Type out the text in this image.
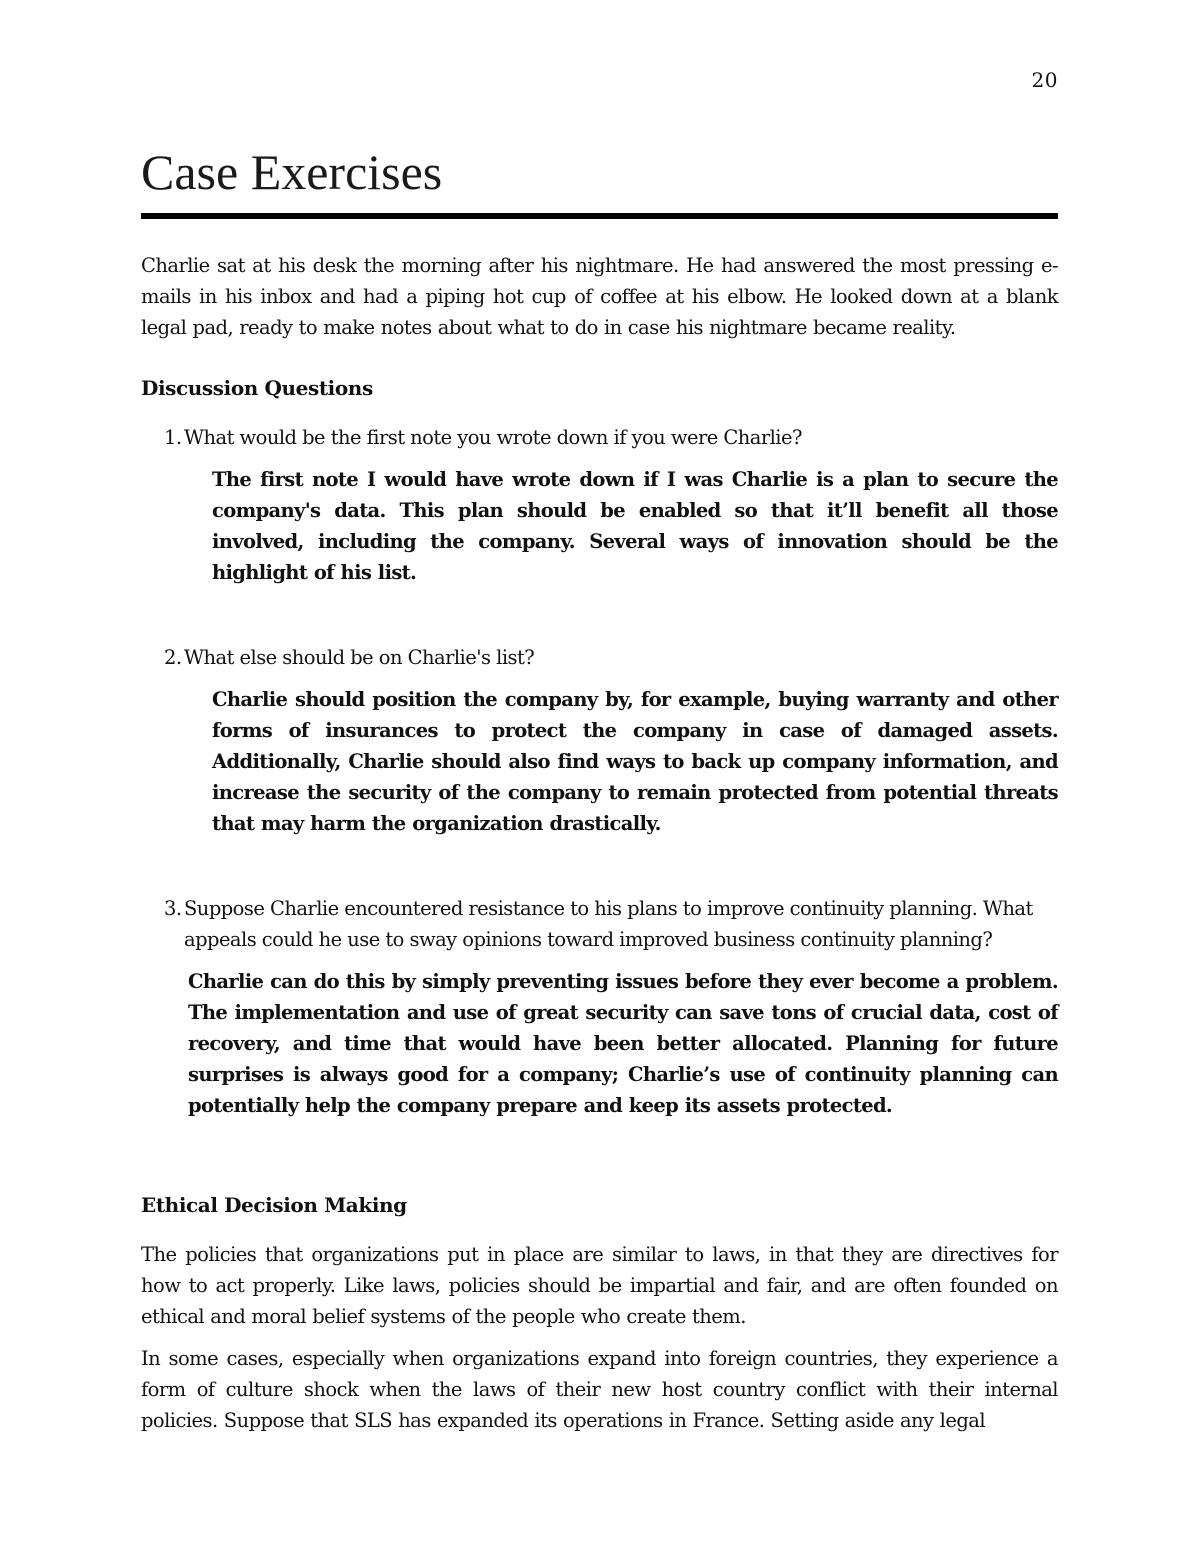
20
Case Exercises

Charlie sat at his desk the morning after his nightmare. He had answered the most pressing e-mails in his inbox and had a piping hot cup of coffee at his elbow. He looked down at a blank legal pad, ready to make notes about what to do in case his nightmare became reality.

Discussion Questions

1. What would be the first note you wrote down if you were Charlie?

The first note I would have wrote down if I was Charlie is a plan to secure the company's data. This plan should be enabled so that it’ll benefit all those involved, including the company. Several ways of innovation should be the highlight of his list.

2. What else should be on Charlie's list?

Charlie should position the company by, for example, buying warranty and other forms of insurances to protect the company in case of damaged assets. Additionally, Charlie should also find ways to back up company information, and increase the security of the company to remain protected from potential threats that may harm the organization drastically.

3. Suppose Charlie encountered resistance to his plans to improve continuity planning. What appeals could he use to sway opinions toward improved business continuity planning?

Charlie can do this by simply preventing issues before they ever become a problem. The implementation and use of great security can save tons of crucial data, cost of recovery, and time that would have been better allocated. Planning for future surprises is always good for a company; Charlie’s use of continuity planning can potentially help the company prepare and keep its assets protected.

Ethical Decision Making

The policies that organizations put in place are similar to laws, in that they are directives for how to act properly. Like laws, policies should be impartial and fair, and are often founded on ethical and moral belief systems of the people who create them.

In some cases, especially when organizations expand into foreign countries, they experience a form of culture shock when the laws of their new host country conflict with their internal policies. Suppose that SLS has expanded its operations in France. Setting aside any legal
